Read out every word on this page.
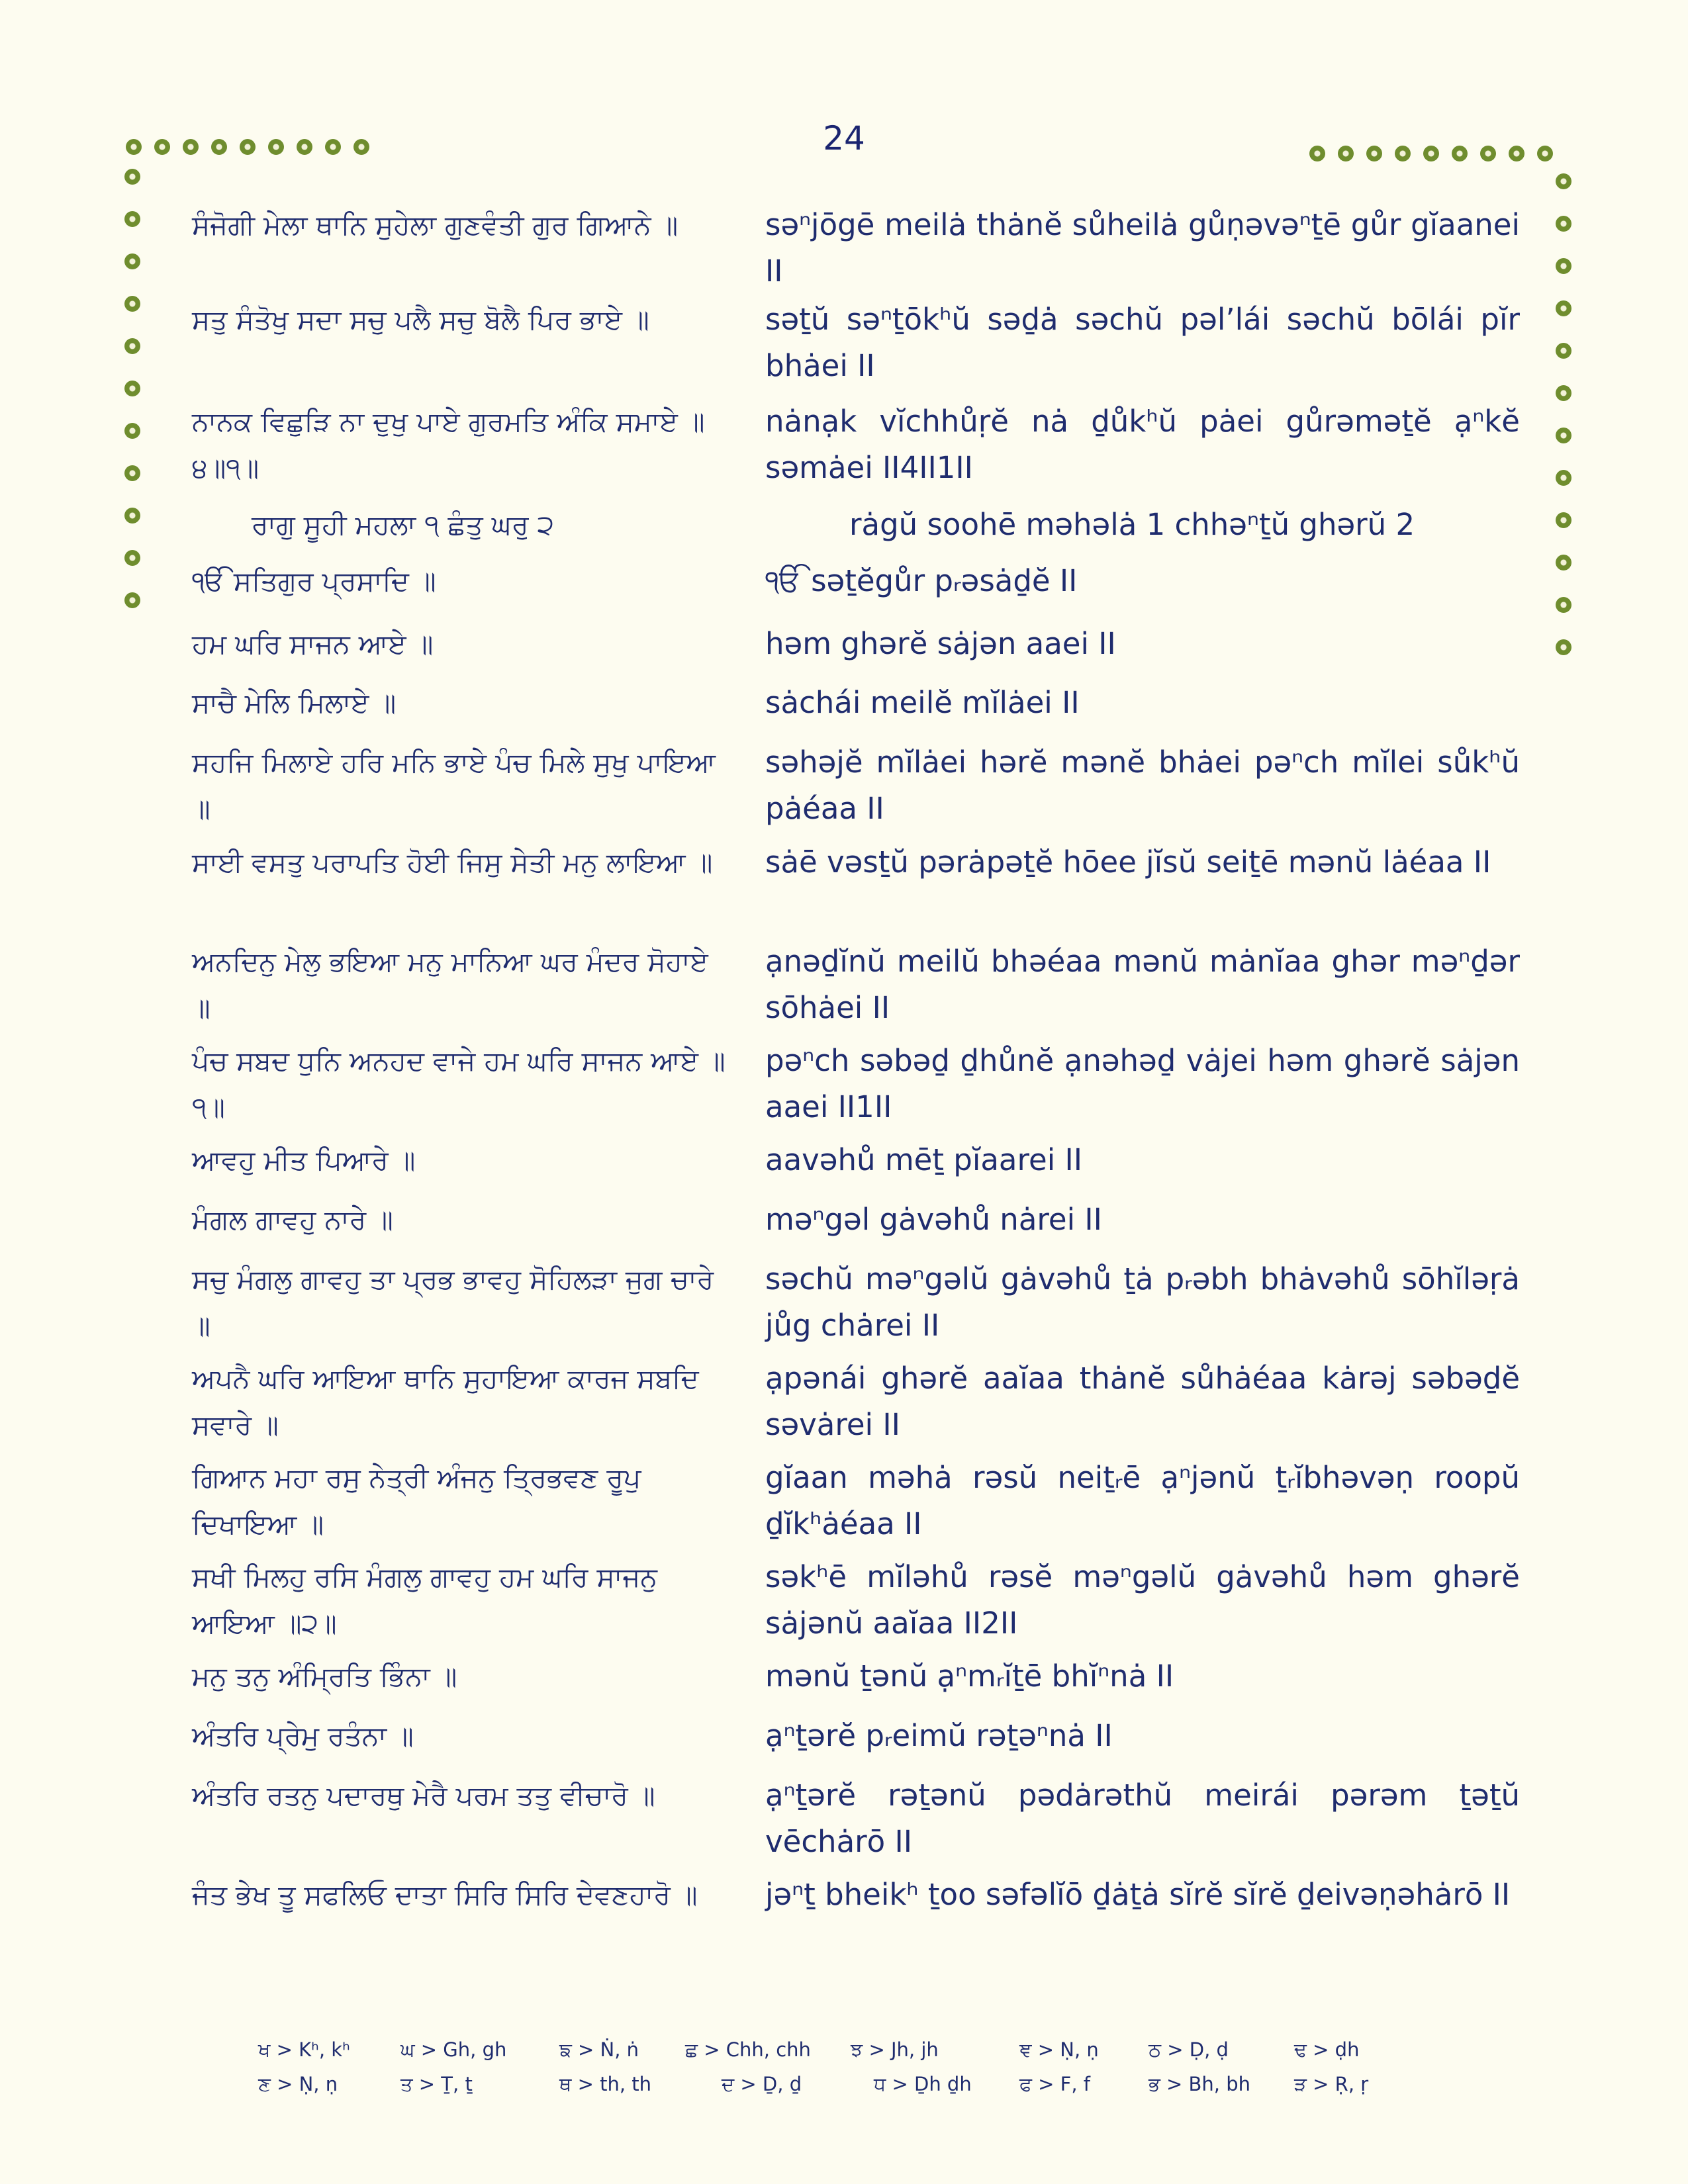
24
ਸੰਜੋਗੀ ਮੇਲਾ ਥਾਨਿ ਸੁਹੇਲਾ ਗੁਣਵੰਤੀ ਗੁਰ ਗਿਆਨੇ ॥	səⁿjōgē meilȧ thȧnĕ sůheilȧ gůṇəvəⁿṯē gůr gĭaanei II
ਸਤੁ ਸੰਤੋਖੁ ਸਦਾ ਸਚੁ ਪਲੈ ਸਚੁ ਬੋਲੈ ਪਿਰ ਭਾਏ ॥	səṯŭ səⁿṯōkʰŭ səḏȧ səchŭ pəl’lái səchŭ bōlái pĭr bhȧei II
ਨਾਨਕ ਵਿਛੁੜਿ ਨਾ ਦੁਖੁ ਪਾਏ ਗੁਰਮਤਿ ਅੰਕਿ ਸਮਾਏ ॥੪॥੧॥
nȧnạk vĭchhůṛĕ nȧ ḏůkʰŭ pȧei gůrəməṯĕ ạⁿkĕ səmȧei II4II1II
ਰਾਗੁ ਸੂਹੀ ਮਹਲਾ ੧ ਛੰਤੁ ਘਰੁ ੨	rȧgŭ soohē məhəlȧ 1 chhəⁿṯŭ ghərŭ 2
ੴ ਸਤਿਗੁਰ ਪ੍ਰਸਾਦਿ ॥	ੴ səṯĕgůr pᵣəsȧḏĕ II
ਹਮ ਘਰਿ ਸਾਜਨ ਆਏ ॥	həm ghərĕ sȧjən aaei II
ਸਾਚੈ ਮੇਲਿ ਮਿਲਾਏ ॥	sȧchái meilĕ mĭlȧei II
ਸਹਜਿ ਮਿਲਾਏ ਹਰਿ ਮਨਿ ਭਾਏ ਪੰਚ ਮਿਲੇ ਸੁਖੁ ਪਾਇਆ ॥
səhəjĕ mĭlȧei hərĕ mənĕ bhȧei pəⁿch mĭlei sůkʰŭ pȧéaa II
ਸਾਈ ਵਸਤੁ ਪਰਾਪਤਿ ਹੋਈ ਜਿਸੁ ਸੇਤੀ ਮਨੁ ਲਾਇਆ ॥	sȧē vəsṯŭ pərȧpəṯĕ hōee jĭsŭ seiṯē mənŭ lȧéaa II
ਅਨਦਿਨੁ ਮੇਲੁ ਭਇਆ ਮਨੁ ਮਾਨਿਆ ਘਰ ਮੰਦਰ ਸੋਹਾਏ ॥
ạnəḏĭnŭ meilŭ bhəéaa mənŭ mȧnĭaa ghər məⁿḏər sōhȧei II
ਪੰਚ ਸਬਦ ਧੁਨਿ ਅਨਹਦ ਵਾਜੇ ਹਮ ਘਰਿ ਸਾਜਨ ਆਏ ॥੧॥
pəⁿch səbəḏ ḏhůnĕ ạnəhəḏ vȧjei həm ghərĕ sȧjən aaei II1II
ਆਵਹੁ ਮੀਤ ਪਿਆਰੇ ॥	aavəhů mēṯ pĭaarei II
ਮੰਗਲ ਗਾਵਹੁ ਨਾਰੇ ॥	məⁿgəl gȧvəhů nȧrei II
ਸਚੁ ਮੰਗਲੁ ਗਾਵਹੁ ਤਾ ਪ੍ਰਭ ਭਾਵਹੁ ਸੋਹਿਲੜਾ ਜੁਗ ਚਾਰੇ ॥
səchŭ məⁿgəlŭ gȧvəhů ṯȧ pᵣəbh bhȧvəhů sōhĭləṛȧ jůg chȧrei II
ਅਪਨੈ ਘਰਿ ਆਇਆ ਥਾਨਿ ਸੁਹਾਇਆ ਕਾਰਜ ਸਬਦਿ ਸਵਾਰੇ ॥
ạpənái ghərĕ aaĭaa thȧnĕ sůhȧéaa kȧrəj səbəḏĕ səvȧrei II
ਗਿਆਨ ਮਹਾ ਰਸੁ ਨੇਤ੍ਰੀ ਅੰਜਨੁ ਤ੍ਰਿਭਵਣ ਰੂਪੁ ਦਿਖਾਇਆ ॥
gĭaan məhȧ rəsŭ neiṯᵣē ạⁿjənŭ ṯᵣĭbhəvəṇ roopŭ ḏĭkʰȧéaa II
ਸਖੀ ਮਿਲਹੁ ਰਸਿ ਮੰਗਲੁ ਗਾਵਹੁ ਹਮ ਘਰਿ ਸਾਜਨੁ ਆਇਆ ॥੨॥
səkʰē mĭləhů rəsĕ məⁿgəlŭ gȧvəhů həm ghərĕ sȧjənŭ aaĭaa II2II
ਮਨੁ ਤਨੁ ਅੰਮ੍ਰਿਤਿ ਭਿੰਨਾ ॥	mənŭ ṯənŭ ạⁿmᵣĭṯē bhĭⁿnȧ II
ਅੰਤਰਿ ਪ੍ਰੇਮੁ ਰਤੰਨਾ ॥	ạⁿṯərĕ pᵣeimŭ rəṯəⁿnȧ II
ਅੰਤਰਿ ਰਤਨੁ ਪਦਾਰਥੁ ਮੇਰੈ ਪਰਮ ਤਤੁ ਵੀਚਾਰੋ ॥	ạⁿṯərĕ rəṯənŭ pədȧrəthŭ meirái pərəm ṯəṯŭ vēchȧrō II
ਜੰਤ ਭੇਖ ਤੂ ਸਫਲਿਓ ਦਾਤਾ ਸਿਰਿ ਸਿਰਿ ਦੇਵਣਹਾਰੋ ॥	jəⁿṯ bheikʰ ṯoo səfəlĭō ḏȧṯȧ sĭrĕ sĭrĕ ḏeivəṇəhȧrō II
ਖ > Kʰ, kʰ	ਘ > Gh, gh	ਙ > Ṅ, ṅ ਛ > Chh, chh ਝ > Jh, jh	ਞ > Ṇ, ṇ	ਠ > Ḍ, ḍ	ਢ > ḍh
ਣ > Ṇ, ṇ	ਤ > Ṯ, ṯ	ਥ > th, th	ਦ > Ḏ, ḏ	ਧ > Ḏh ḏh ਫ > F, f	ਭ > Bh, bh ੜ > Ṛ, ṛ
